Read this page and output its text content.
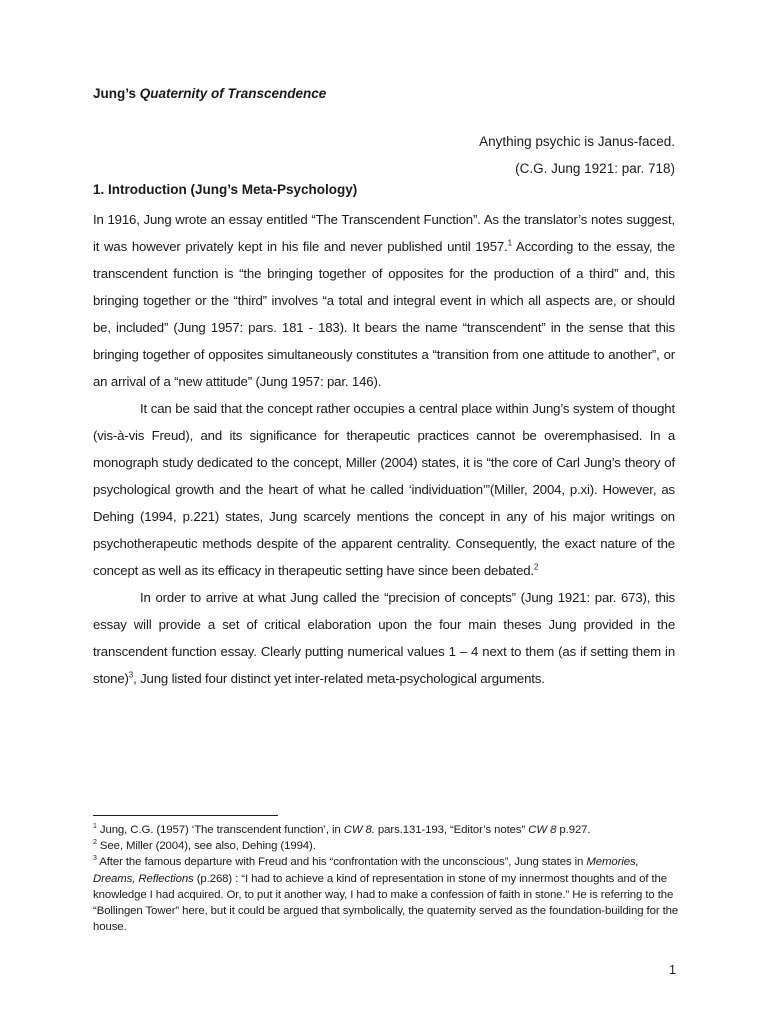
Jung’s Quaternity of Transcendence

Anything psychic is Janus-faced.

(C.G. Jung 1921: par. 718)

1. Introduction (Jung’s Meta-Psychology)

In 1916, Jung wrote an essay entitled “The Transcendent Function”. As the translator’s notes suggest, it was however privately kept in his file and never published until 1957.$^1$ According to the essay, the transcendent function is “the bringing together of opposites for the production of a third” and, this bringing together or the “third” involves “a total and integral event in which all aspects are, or should be, included” (Jung 1957: pars. 181 - 183). It bears the name “transcendent” in the sense that this bringing together of opposites simultaneously constitutes a “transition from one attitude to another”, or an arrival of a “new attitude” (Jung 1957: par. 146).

It can be said that the concept rather occupies a central place within Jung’s system of thought (vis-à-vis Freud), and its significance for therapeutic practices cannot be overemphasised. In a monograph study dedicated to the concept, Miller (2004) states, it is “the core of Carl Jung’s theory of psychological growth and the heart of what he called ‘individuation’”(Miller, 2004, p.xi). However, as Dehing (1994, p.221) states, Jung scarcely mentions the concept in any of his major writings on psychotherapeutic methods despite of the apparent centrality. Consequently, the exact nature of the concept as well as its efficacy in therapeutic setting have since been debated.$^2$

In order to arrive at what Jung called the “precision of concepts” (Jung 1921: par. 673), this essay will provide a set of critical elaboration upon the four main theses Jung provided in the transcendent function essay. Clearly putting numerical values 1 – 4 next to them (as if setting them in stone)$^3$, Jung listed four distinct yet inter-related meta-psychological arguments.

$^1$ Jung, C.G. (1957) ‘The transcendent function’, in CW 8. pars.131-193, “Editor’s notes” CW 8 p.927.

$^2$ See, Miller (2004), see also, Dehing (1994).

$^3$ After the famous departure with Freud and his “confrontation with the unconscious”, Jung states in Memories, Dreams, Reflections (p.268) : “I had to achieve a kind of representation in stone of my innermost thoughts and of the knowledge I had acquired. Or, to put it another way, I had to make a confession of faith in stone.” He is referring to the “Bollingen Tower” here, but it could be argued that symbolically, the quaternity served as the foundation-building for the house.

1
